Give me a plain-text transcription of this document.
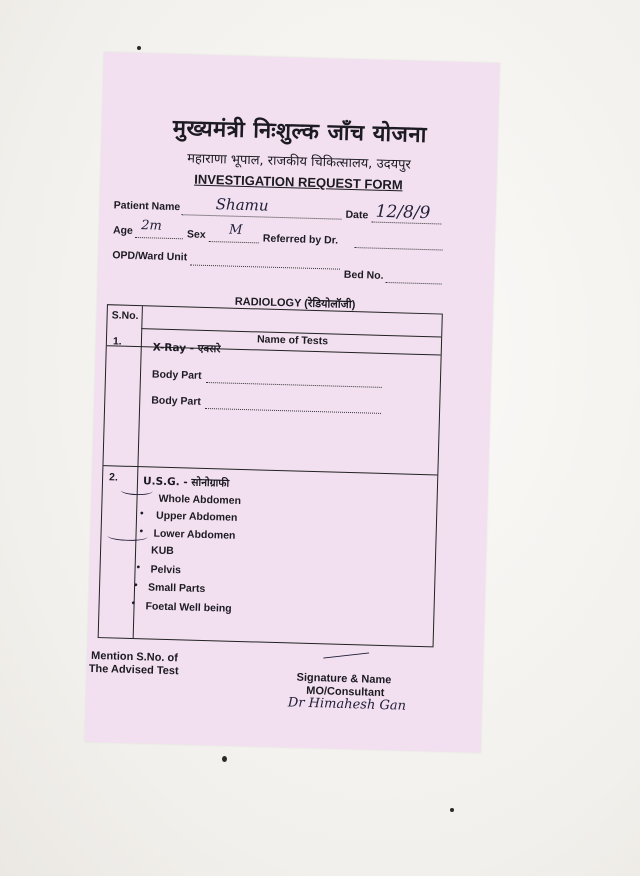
मुख्यमंत्री निःशुल्क जाँच योजना
महाराणा भूपाल, राजकीय चिकित्सालय, उदयपुर
INVESTIGATION REQUEST FORM
Patient Name Shamu
Date 12/8/9
Age 2m
Sex M
Referred by Dr.
OPD/Ward Unit
Bed No.
RADIOLOGY (रेडियोलॉजी)
S.No.
Name of Tests
1.	X-Ray - एक्सरे
Body Part
Body Part
2. U.S.G. - सोनोग्राफी
Whole Abdomen
• Upper Abdomen
• Lower Abdomen
KUB
• Pelvis
• Small Parts
• Foetal Well being
Mention S.No. of
The Advised Test
Signature & Name
MO/Consultant
Dr Himahesh Gan
